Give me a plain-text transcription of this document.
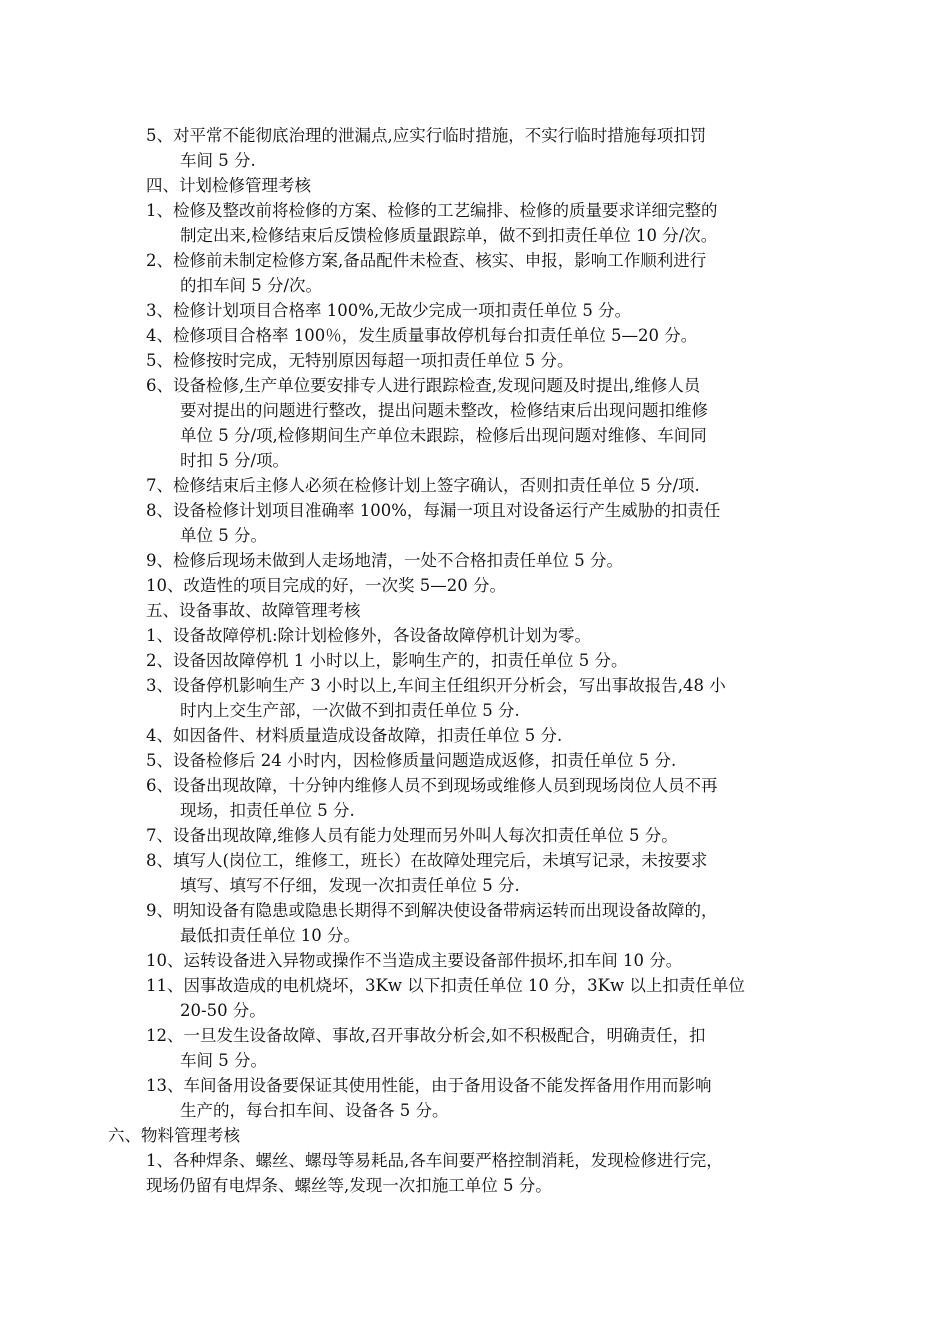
5、对平常不能彻底治理的泄漏点,应实行临时措施，不实行临时措施每项扣罚
车间 5 分.
四、计划检修管理考核
1、检修及整改前将检修的方案、检修的工艺编排、检修的质量要求详细完整的
制定出来,检修结束后反馈检修质量跟踪单，做不到扣责任单位 10 分/次。
2、检修前未制定检修方案,备品配件未检查、核实、申报，影响工作顺利进行
的扣车间 5 分/次。
3、检修计划项目合格率 100%,无故少完成一项扣责任单位 5 分。
4、检修项目合格率 100％，发生质量事故停机每台扣责任单位 5—20 分。
5、检修按时完成，无特别原因每超一项扣责任单位 5 分。
6、设备检修,生产单位要安排专人进行跟踪检查,发现问题及时提出,维修人员
要对提出的问题进行整改，提出问题未整改，检修结束后出现问题扣维修
单位 5 分/项,检修期间生产单位未跟踪，检修后出现问题对维修、车间同
时扣 5 分/项。
7、检修结束后主修人必须在检修计划上签字确认，否则扣责任单位 5 分/项.
8、设备检修计划项目准确率 100%，每漏一项且对设备运行产生威胁的扣责任
单位 5 分。
9、检修后现场未做到人走场地清，一处不合格扣责任单位 5 分。
10、改造性的项目完成的好，一次奖 5—20 分。
五、设备事故、故障管理考核
1、设备故障停机:除计划检修外，各设备故障停机计划为零。
2、设备因故障停机 1 小时以上，影响生产的，扣责任单位 5 分。
3、设备停机影响生产 3 小时以上,车间主任组织开分析会，写出事故报告,48 小
时内上交生产部，一次做不到扣责任单位 5 分.
4、如因备件、材料质量造成设备故障，扣责任单位 5 分.
5、设备检修后 24 小时内，因检修质量问题造成返修，扣责任单位 5 分.
6、设备出现故障，十分钟内维修人员不到现场或维修人员到现场岗位人员不再
现场，扣责任单位 5 分.
7、设备出现故障,维修人员有能力处理而另外叫人每次扣责任单位 5 分。
8、填写人(岗位工，维修工，班长）在故障处理完后，未填写记录，未按要求
填写、填写不仔细，发现一次扣责任单位 5 分.
9、明知设备有隐患或隐患长期得不到解决使设备带病运转而出现设备故障的，
最低扣责任单位 10 分。
10、运转设备进入异物或操作不当造成主要设备部件损坏,扣车间 10 分。
11、因事故造成的电机烧坏，3Kw 以下扣责任单位 10 分，3Kw 以上扣责任单位
20-50 分。
12、一旦发生设备故障、事故,召开事故分析会,如不积极配合，明确责任，扣
车间 5 分。
13、车间备用设备要保证其使用性能，由于备用设备不能发挥备用作用而影响
生产的，每台扣车间、设备各 5 分。
六、物料管理考核
1、各种焊条、螺丝、螺母等易耗品,各车间要严格控制消耗，发现检修进行完，
现场仍留有电焊条、螺丝等,发现一次扣施工单位 5 分。
